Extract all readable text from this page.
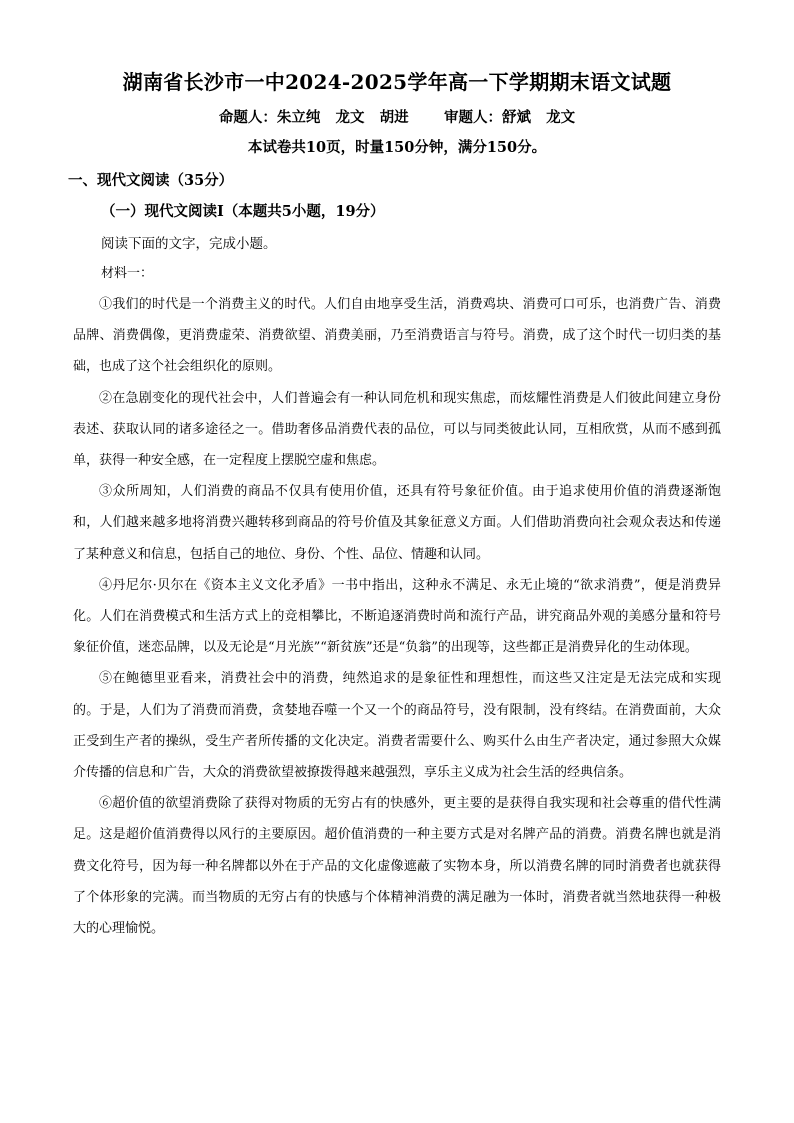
湖南省长沙市一中2024-2025学年高一下学期期末语文试题
命题人：朱立纯   龙文   胡进       审题人：舒斌   龙文
本试卷共10页，时量150分钟，满分150分。
一、现代文阅读（35分）
（一）现代文阅读Ⅰ（本题共5小题，19分）
阅读下面的文字，完成小题。
材料一：

①我们的时代是一个消费主义的时代。人们自由地享受生活，消费鸡块、消费可口可乐，也消费广告、消费品牌、消费偶像，更消费虚荣、消费欲望、消费美丽，乃至消费语言与符号。消费，成了这个时代一切归类的基础，也成了这个社会组织化的原则。

②在急剧变化的现代社会中，人们普遍会有一种认同危机和现实焦虑，而炫耀性消费是人们彼此间建立身份表述、获取认同的诸多途径之一。借助奢侈品消费代表的品位，可以与同类彼此认同，互相欣赏，从而不感到孤单，获得一种安全感，在一定程度上摆脱空虚和焦虑。

③众所周知，人们消费的商品不仅具有使用价值，还具有符号象征价值。由于追求使用价值的消费逐渐饱和，人们越来越多地将消费兴趣转移到商品的符号价值及其象征意义方面。人们借助消费向社会观众表达和传递了某种意义和信息，包括自己的地位、身份、个性、品位、情趣和认同。

④丹尼尔·贝尔在《资本主义文化矛盾》一书中指出，这种永不满足、永无止境的“欲求消费”，便是消费异化。人们在消费模式和生活方式上的竞相攀比，不断追逐消费时尚和流行产品，讲究商品外观的美感分量和符号象征价值，迷恋品牌，以及无论是“月光族”“新贫族”还是“负翁”的出现等，这些都正是消费异化的生动体现。

⑤在鲍德里亚看来，消费社会中的消费，纯然追求的是象征性和理想性，而这些又注定是无法完成和实现的。于是，人们为了消费而消费，贪婪地吞噬一个又一个的商品符号，没有限制，没有终结。在消费面前，大众正受到生产者的操纵，受生产者所传播的文化决定。消费者需要什么、购买什么由生产者决定，通过参照大众媒介传播的信息和广告，大众的消费欲望被撩拨得越来越强烈，享乐主义成为社会生活的经典信条。

⑥超价值的欲望消费除了获得对物质的无穷占有的快感外，更主要的是获得自我实现和社会尊重的借代性满足。这是超价值消费得以风行的主要原因。超价值消费的一种主要方式是对名牌产品的消费。消费名牌也就是消费文化符号，因为每一种名牌都以外在于产品的文化虚像遮蔽了实物本身，所以消费名牌的同时消费者也就获得了个体形象的完满。而当物质的无穷占有的快感与个体精神消费的满足融为一体时，消费者就当然地获得一种极大的心理愉悦。
